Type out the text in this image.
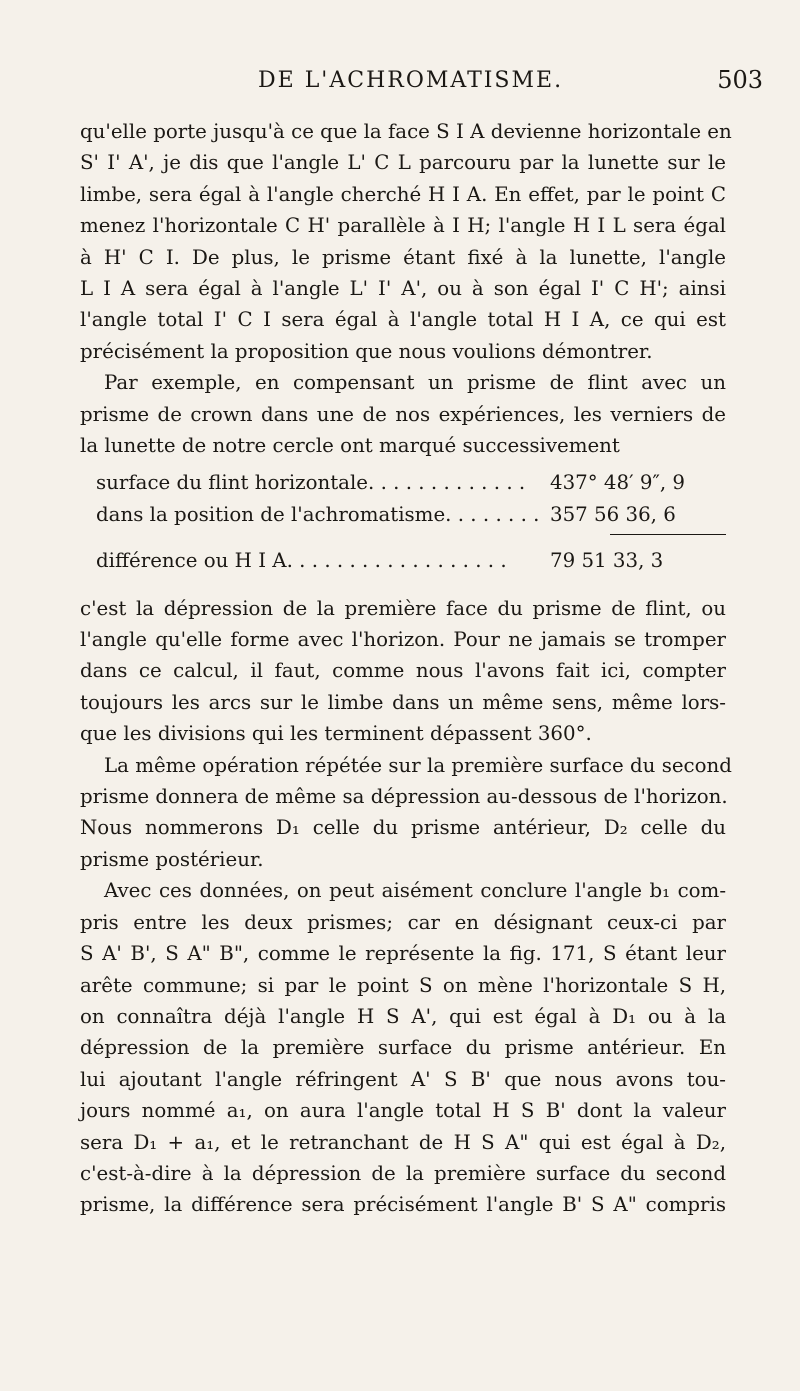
DE L'ACHROMATISME.	503
qu'elle porte jusqu'à ce que la face S I A devienne horizontale en
S' I' A', je dis que l'angle L' C L parcouru par la lunette sur le
limbe, sera égal à l'angle cherché H I A. En effet, par le point C
menez l'horizontale C H' parallèle à I H; l'angle H I L sera égal
à H' C I. De plus, le prisme étant fixé à la lunette, l'angle
L I A sera égal à l'angle L' I' A', ou à son égal I' C H'; ainsi
l'angle total I' C I sera égal à l'angle total H I A, ce qui est
précisément la proposition que nous voulions démontrer.
Par exemple, en compensant un prisme de flint avec un
prisme de crown dans une de nos expériences, les verniers de
la lunette de notre cercle ont marqué successivement
surface du flint horizontale. . . . . . . . . . . . .	437° 48′ 9″, 9
dans la position de l'achromatisme. . . . . . . . 357 56 36, 6
différence ou H I A. . . . . . . . . . . . . . . . . .	79 51 33, 3
c'est la dépression de la première face du prisme de flint, ou
l'angle qu'elle forme avec l'horizon. Pour ne jamais se tromper
dans ce calcul, il faut, comme nous l'avons fait ici, compter
toujours les arcs sur le limbe dans un même sens, même lors-
que les divisions qui les terminent dépassent 360°.
La même opération répétée sur la première surface du second
prisme donnera de même sa dépression au-dessous de l'horizon.
Nous nommerons D₁ celle du prisme antérieur, D₂ celle du
prisme postérieur.
Avec ces données, on peut aisément conclure l'angle b₁ com-
pris entre les deux prismes; car en désignant ceux-ci par
S A' B', S A" B", comme le représente la fig. 171, S étant leur
arête commune; si par le point S on mène l'horizontale S H,
on connaîtra déjà l'angle H S A', qui est égal à D₁ ou à la
dépression de la première surface du prisme antérieur. En
lui ajoutant l'angle réfringent A' S B' que nous avons tou-
jours nommé a₁, on aura l'angle total H S B' dont la valeur
sera D₁ + a₁, et le retranchant de H S A" qui est égal à D₂,
c'est-à-dire à la dépression de la première surface du second
prisme, la différence sera précisément l'angle B' S A" compris
